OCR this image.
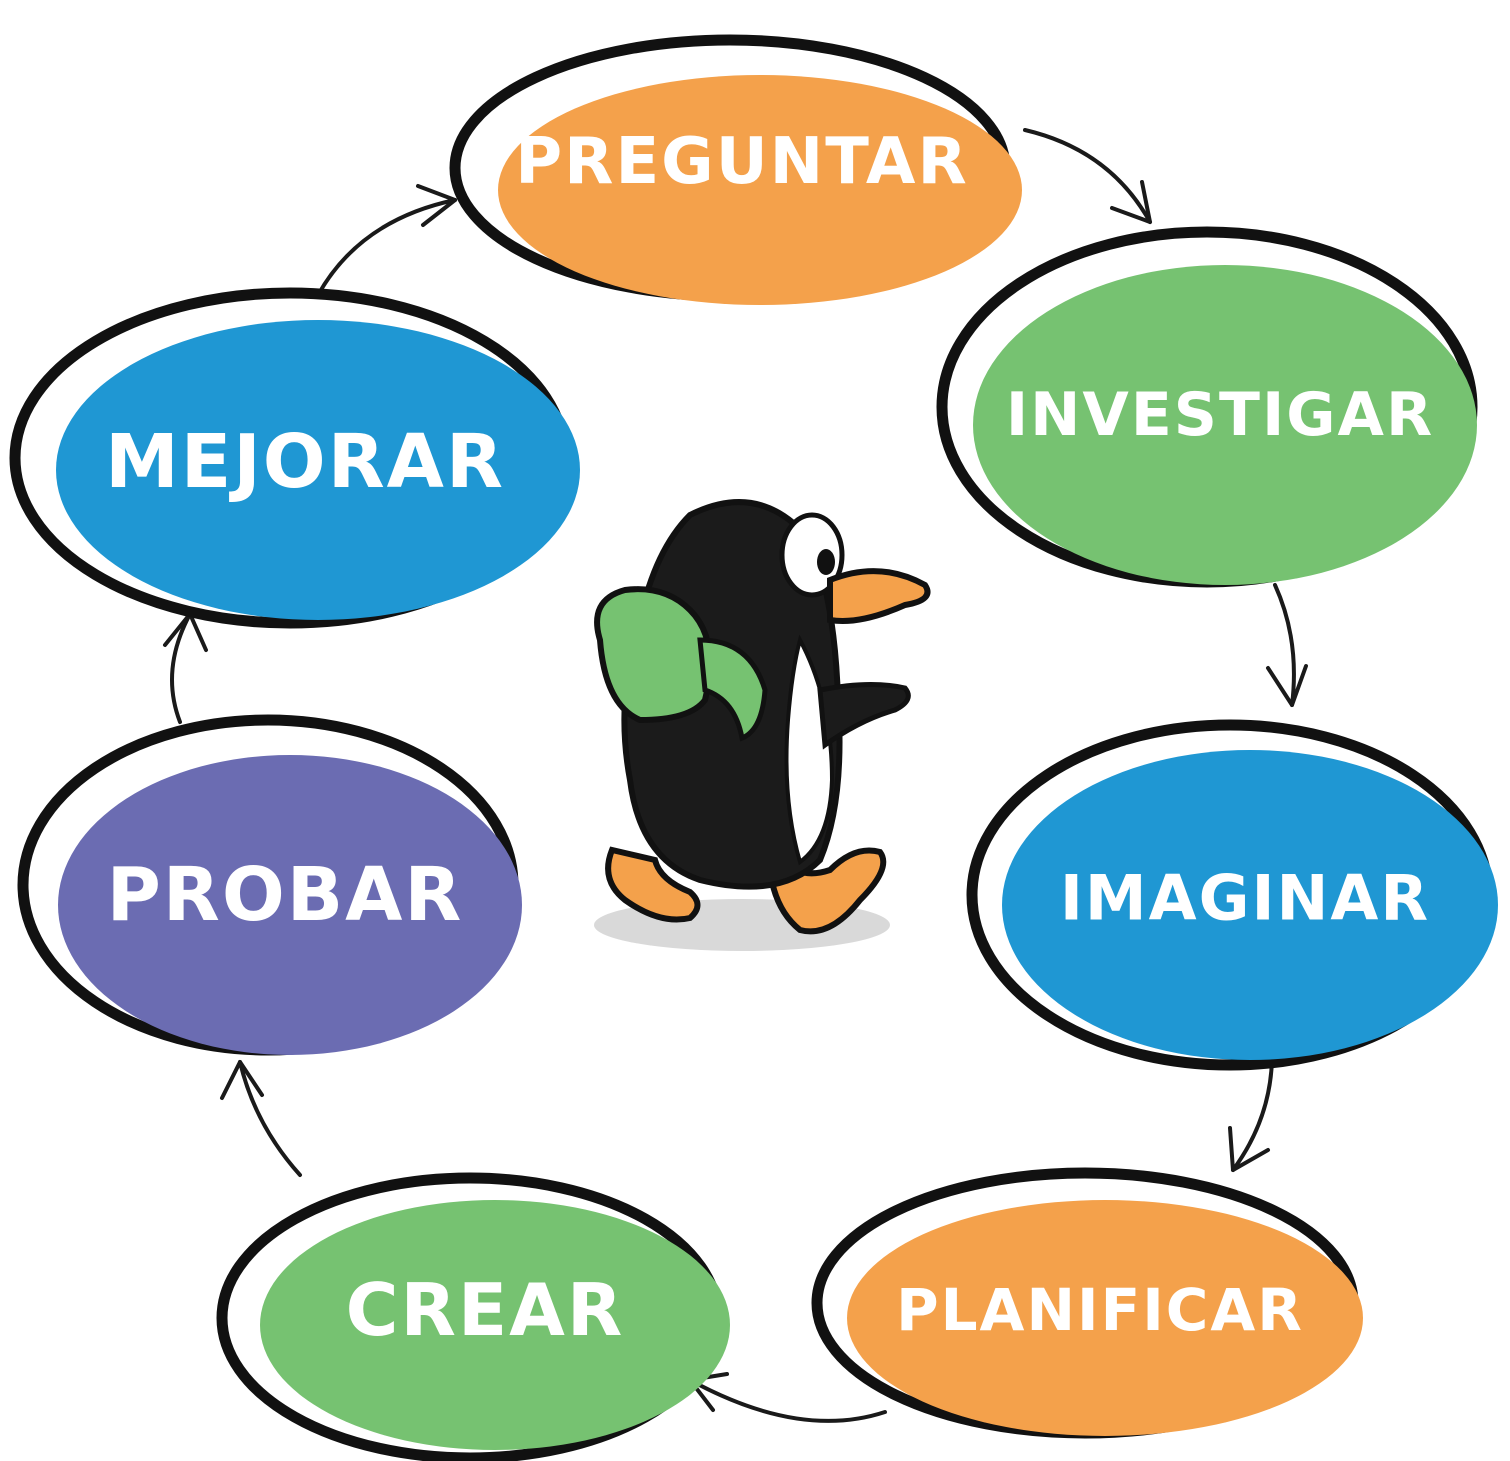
PREGUNTAR
INVESTIGAR
IMAGINAR
PLANIFICAR
CREAR
PROBAR
MEJORAR
